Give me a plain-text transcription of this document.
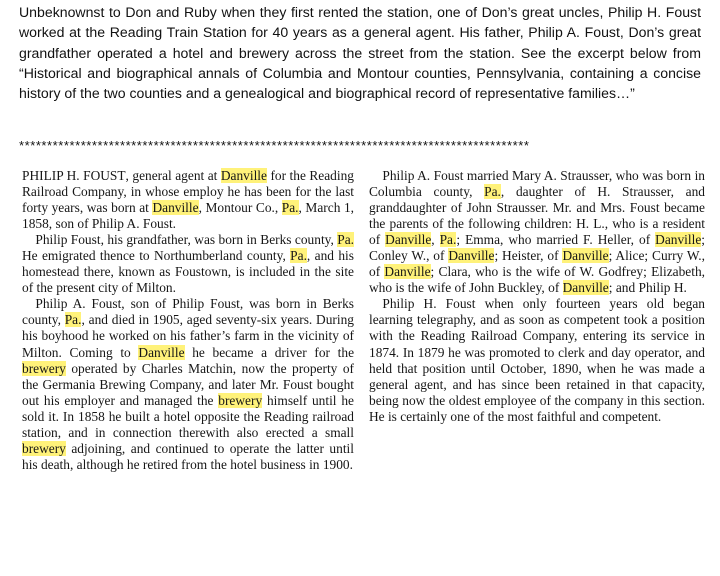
Unbeknownst to Don and Ruby when they first rented the station, one of Don’s great uncles, Philip H. Foust worked at the Reading Train Station for 40 years as a general agent. His father, Philip A. Foust, Don’s great grandfather operated a hotel and brewery across the street from the station. See the excerpt below from “Historical and biographical annals of Columbia and Montour counties, Pennsylvania, containing a concise history of the two counties and a genealogical and biographical record of representative families…”

*******************************************************************************************

PHILIP H. FOUST, general agent at Danville for the Reading Railroad Company, in whose employ he has been for the last forty years, was born at Danville, Montour Co., Pa., March 1, 1858, son of Philip A. Foust.

 Philip Foust, his grandfather, was born in Berks county, Pa. He emigrated thence to Northumberland county, Pa., and his homestead there, known as Foustown, is included in the site of the present city of Milton.

 Philip A. Foust, son of Philip Foust, was born in Berks county, Pa., and died in 1905, aged seventy-six years. During his boyhood he worked on his father’s farm in the vicinity of Milton. Coming to Danville he became a driver for the brewery operated by Charles Matchin, now the property of the Germania Brewing Company, and later Mr. Foust bought out his employer and managed the brewery himself until he sold it. In 1858 he built a hotel opposite the Reading railroad station, and in connection therewith also erected a small brewery adjoining, and continued to operate the latter until his death, although he retired from the hotel business in 1900.

 Philip A. Foust married Mary A. Strausser, who was born in Columbia county, Pa., daughter of H. Strausser, and granddaughter of John Strausser. Mr. and Mrs. Foust became the parents of the following children: H. L., who is a resident of Danville, Pa.; Emma, who married F. Heller, of Danville; Conley W., of Danville; Heister, of Danville; Alice; Curry W., of Danville; Clara, who is the wife of W. Godfrey; Elizabeth, who is the wife of John Buckley, of Danville; and Philip H.

 Philip H. Foust when only fourteen years old began learning telegraphy, and as soon as competent took a position with the Reading Railroad Company, entering its service in 1874. In 1879 he was promoted to clerk and day operator, and held that position until October, 1890, when he was made a general agent, and has since been retained in that capacity, being now the oldest employee of the company in this section. He is certainly one of the most faithful and competent.
